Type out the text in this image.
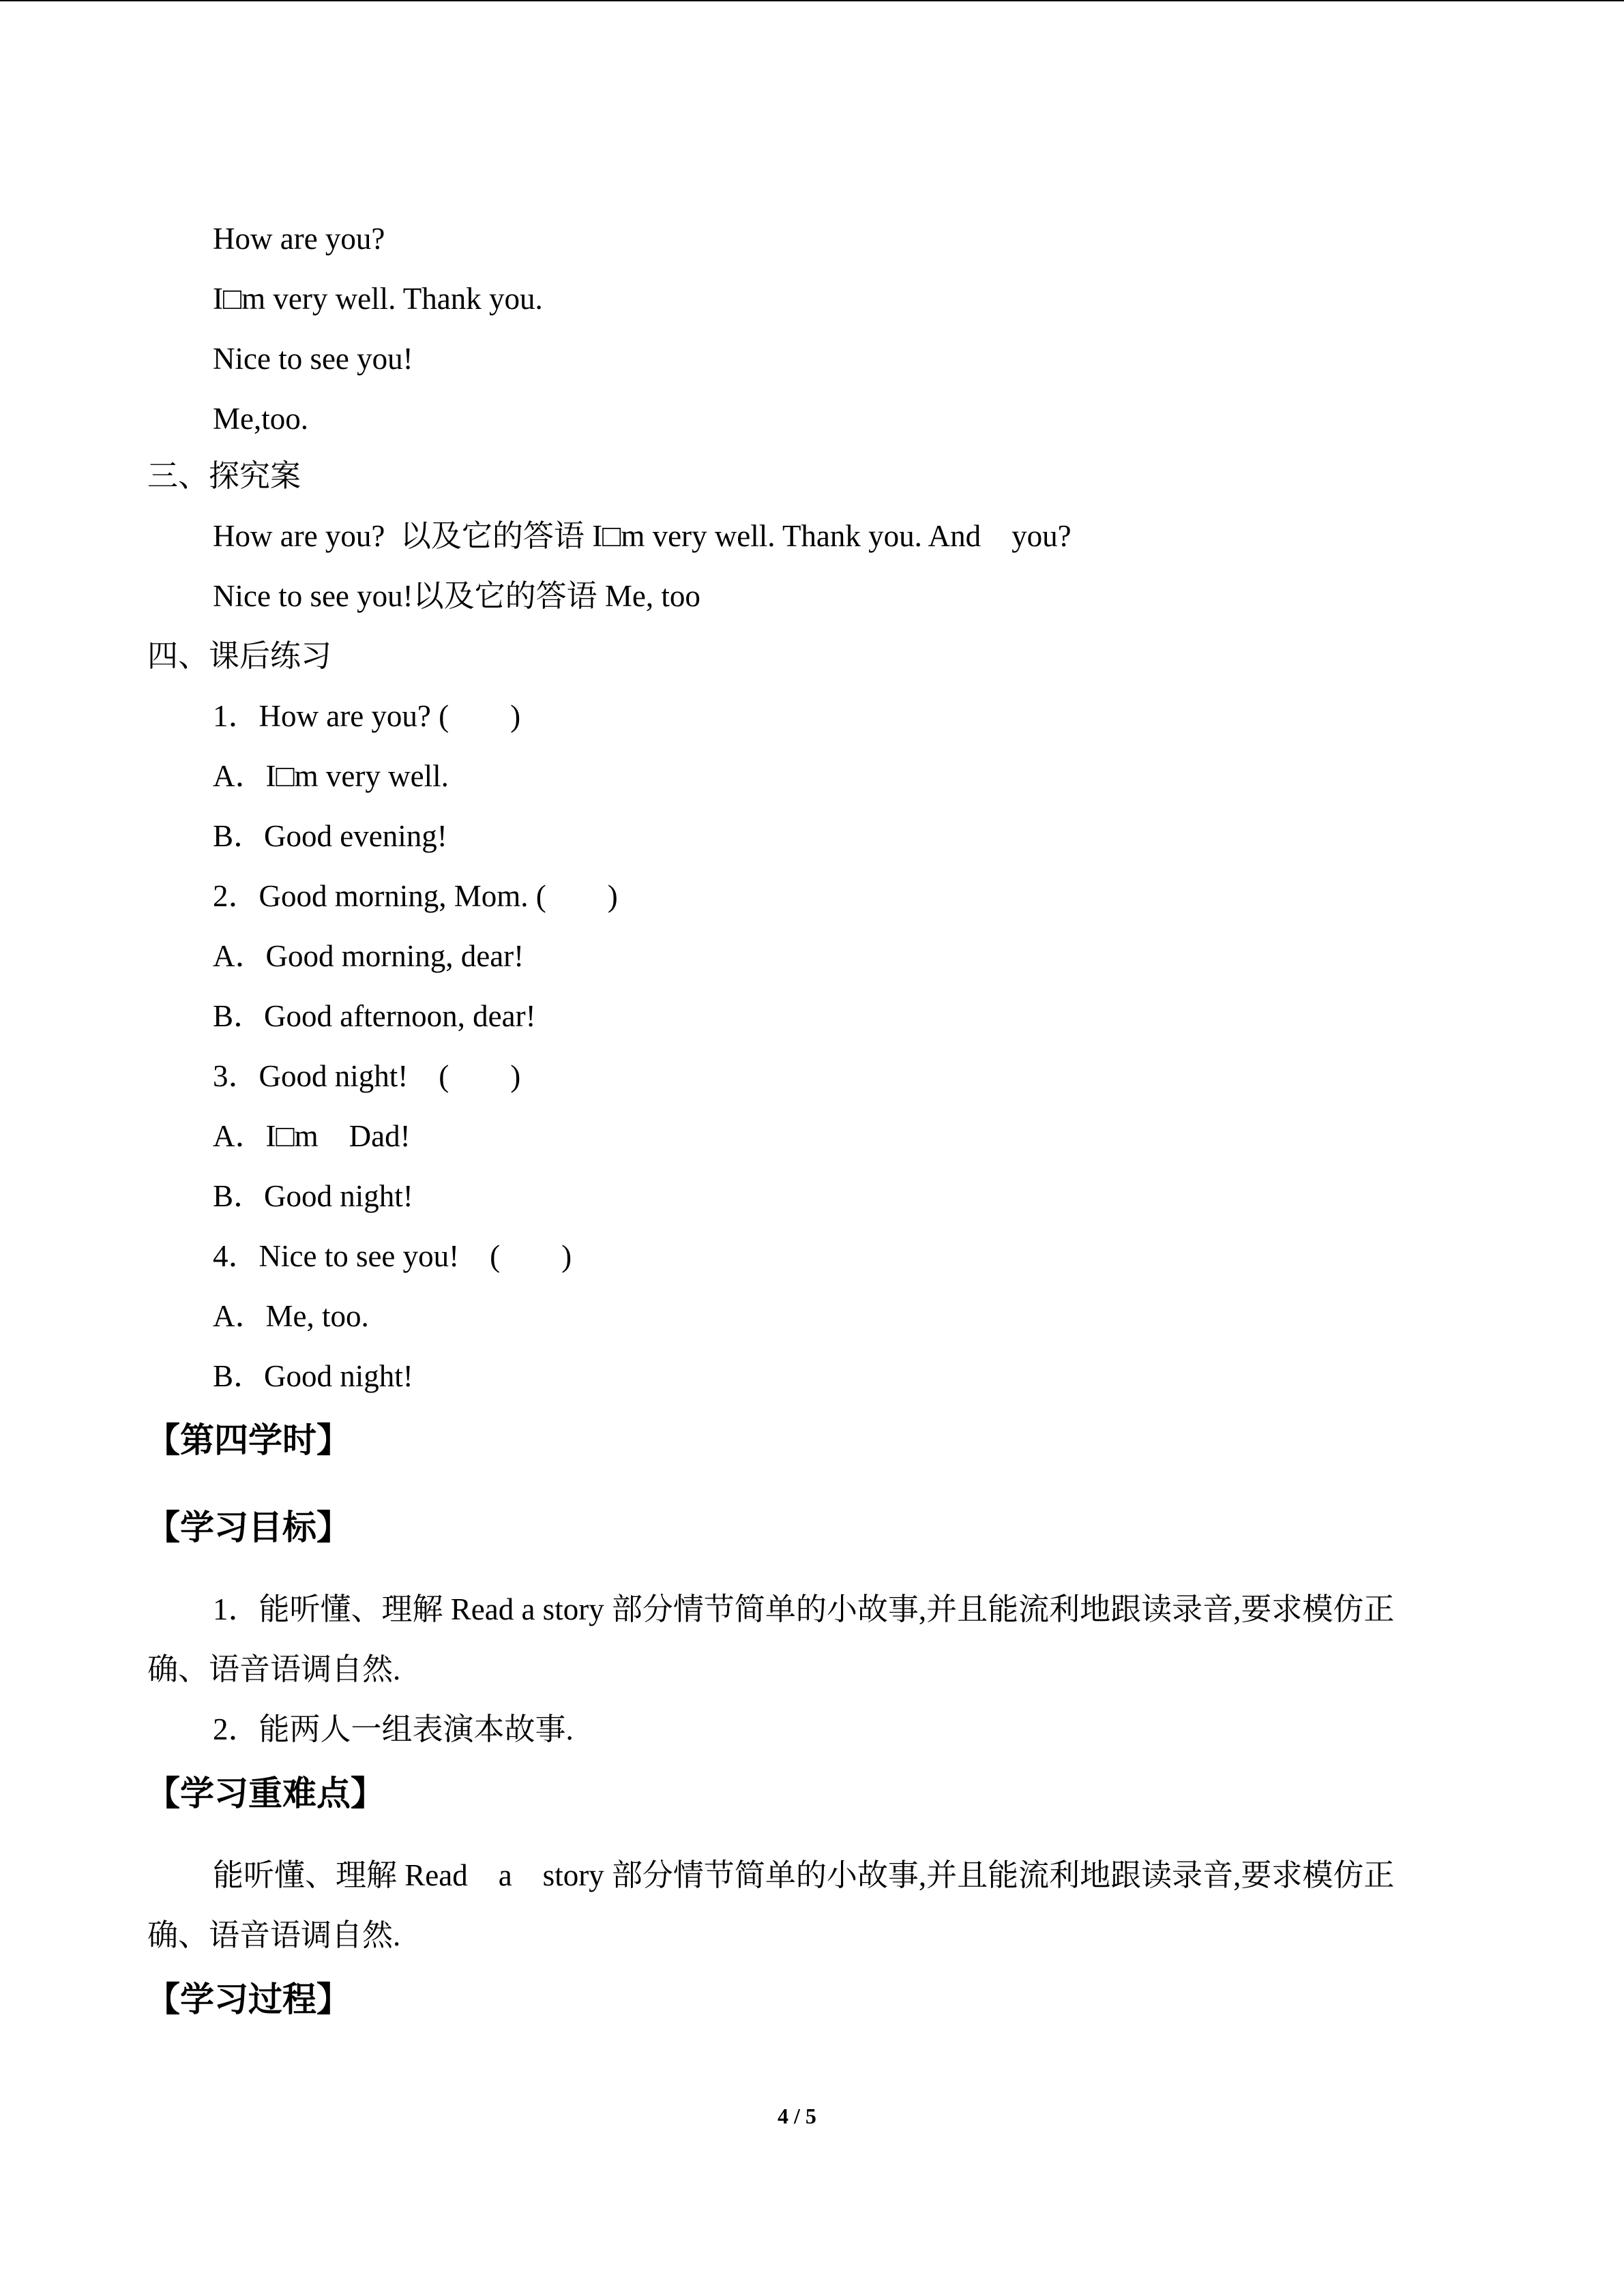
How are you?
I□m very well. Thank you.
Nice to see you!
Me,too.
三、探究案
How are you?  以及它的答语 I□m very well. Thank you. And    you?
Nice to see you!以及它的答语 Me, too
四、课后练习
1．How are you? (        )
A．I□m very well.
B．Good evening!
2．Good morning, Mom. (        )
A．Good morning, dear!
B．Good afternoon, dear!
3．Good night!    (        )
A．I□m    Dad!
B．Good night!
4．Nice to see you!    (        )
A．Me, too.
B．Good night!
【第四学时】
【学习目标】
1．能听懂、理解 Read a story 部分情节简单的小故事,并且能流利地跟读录音,要求模仿正
确、语音语调自然.
2．能两人一组表演本故事.
【学习重难点】
能听懂、理解 Read    a    story 部分情节简单的小故事,并且能流利地跟读录音,要求模仿正
确、语音语调自然.
【学习过程】
4 / 5
